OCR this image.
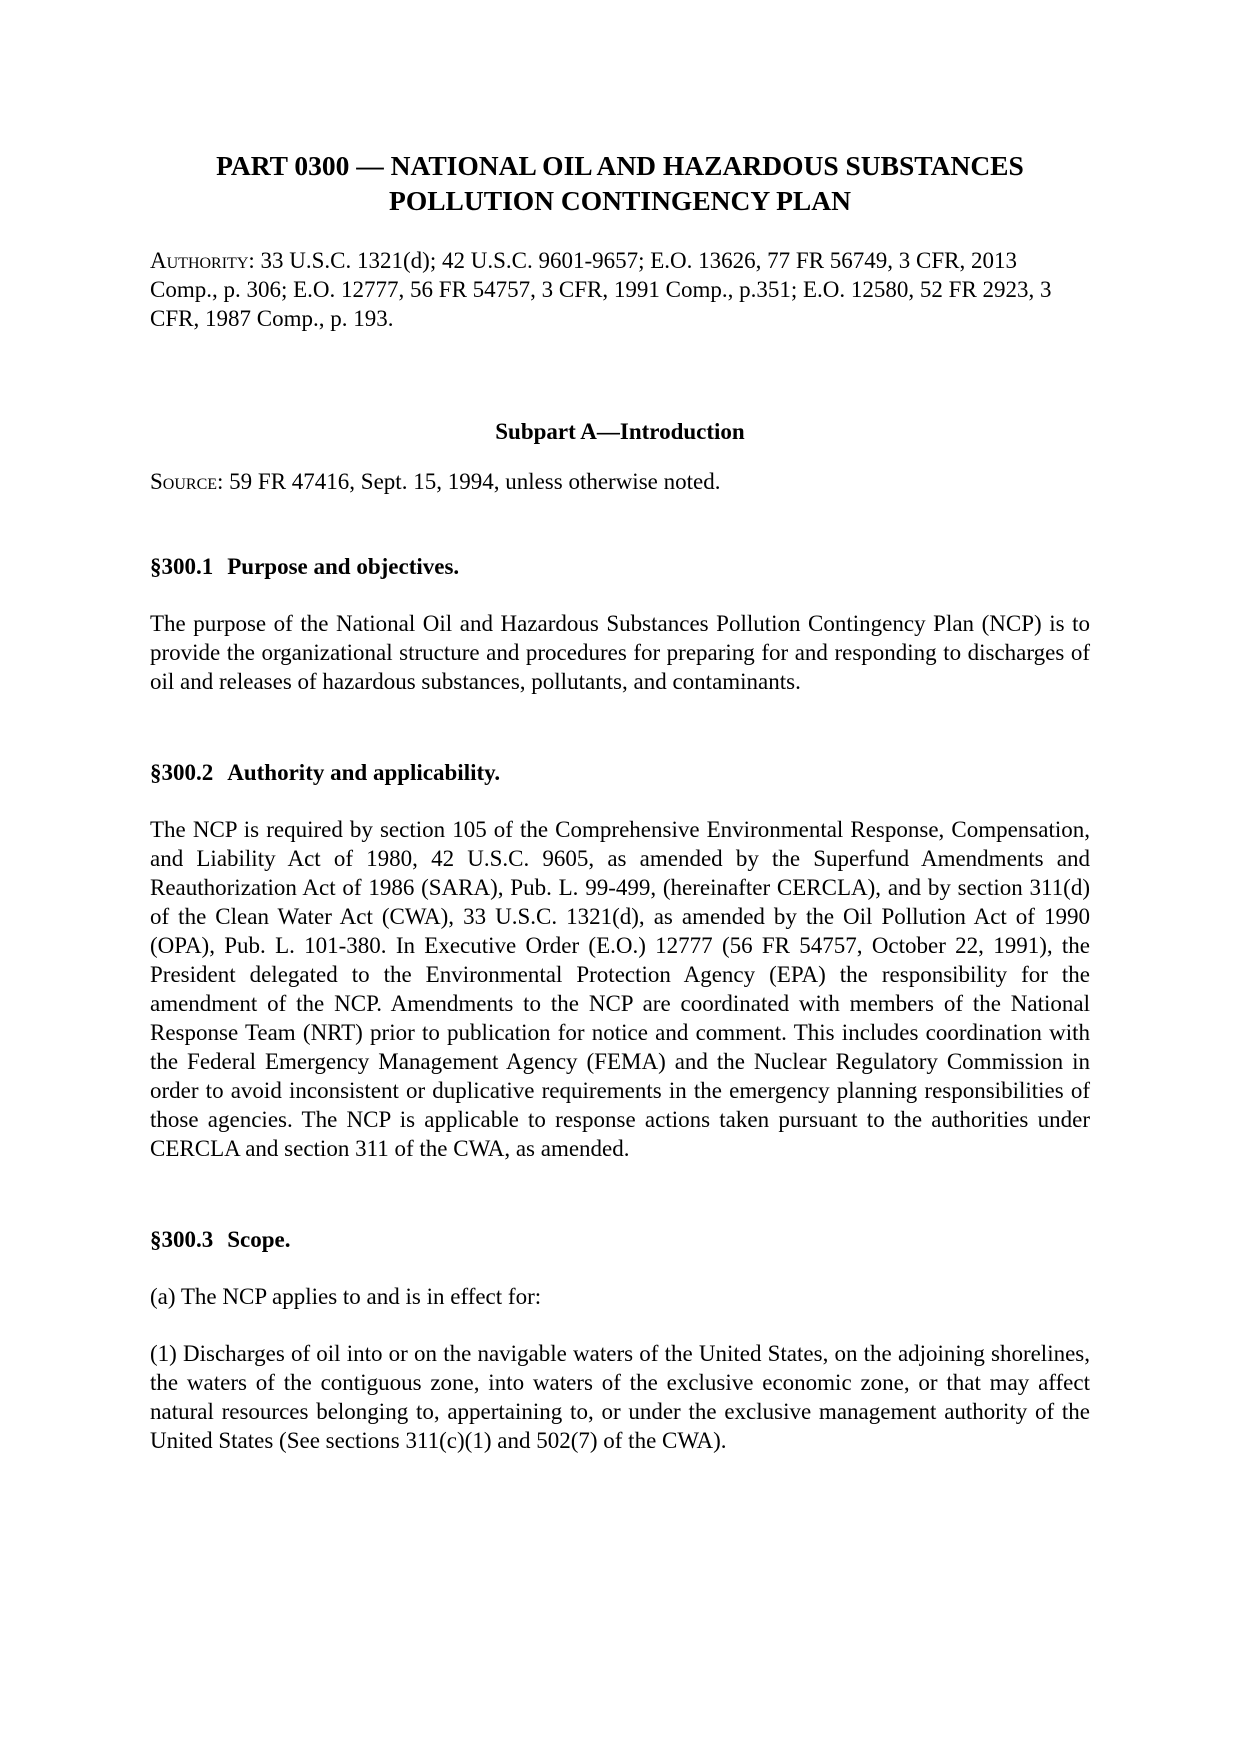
PART 0300 — NATIONAL OIL AND HAZARDOUS SUBSTANCES
POLLUTION CONTINGENCY PLAN

Authority: 33 U.S.C. 1321(d); 42 U.S.C. 9601-9657; E.O. 13626, 77 FR 56749, 3 CFR, 2013 Comp., p. 306; E.O. 12777, 56 FR 54757, 3 CFR, 1991 Comp., p.351; E.O. 12580, 52 FR 2923, 3 CFR, 1987 Comp., p. 193.

Subpart A—Introduction

Source: 59 FR 47416, Sept. 15, 1994, unless otherwise noted.

§300.1 Purpose and objectives.

The purpose of the National Oil and Hazardous Substances Pollution Contingency Plan (NCP) is to provide the organizational structure and procedures for preparing for and responding to discharges of oil and releases of hazardous substances, pollutants, and contaminants.

§300.2 Authority and applicability.

The NCP is required by section 105 of the Comprehensive Environmental Response, Compensation, and Liability Act of 1980, 42 U.S.C. 9605, as amended by the Superfund Amendments and Reauthorization Act of 1986 (SARA), Pub. L. 99-499, (hereinafter CERCLA), and by section 311(d) of the Clean Water Act (CWA), 33 U.S.C. 1321(d), as amended by the Oil Pollution Act of 1990 (OPA), Pub. L. 101-380. In Executive Order (E.O.) 12777 (56 FR 54757, October 22, 1991), the President delegated to the Environmental Protection Agency (EPA) the responsibility for the amendment of the NCP. Amendments to the NCP are coordinated with members of the National Response Team (NRT) prior to publication for notice and comment. This includes coordination with the Federal Emergency Management Agency (FEMA) and the Nuclear Regulatory Commission in order to avoid inconsistent or duplicative requirements in the emergency planning responsibilities of those agencies. The NCP is applicable to response actions taken pursuant to the authorities under CERCLA and section 311 of the CWA, as amended.

§300.3 Scope.

(a) The NCP applies to and is in effect for:

(1) Discharges of oil into or on the navigable waters of the United States, on the adjoining shorelines, the waters of the contiguous zone, into waters of the exclusive economic zone, or that may affect natural resources belonging to, appertaining to, or under the exclusive management authority of the United States (See sections 311(c)(1) and 502(7) of the CWA).
